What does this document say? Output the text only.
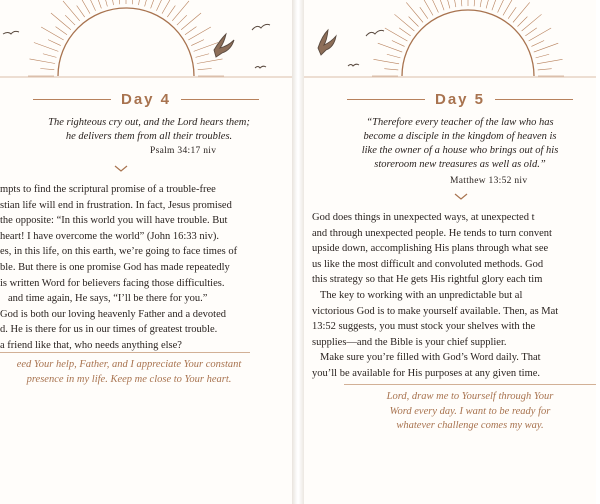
Day 4
The righteous cry out, and the Lord hears them;
he delivers them from all their troubles.
Psalm 34:17 niv

mpts to find the scriptural promise of a trouble-free

stian life will end in frustration. In fact, Jesus promised

the opposite: “In this world you will have trouble. But

heart! I have overcome the world” (John 16:33 niv).

es, in this life, on this earth, we’re going to face times of

ble. But there is one promise God has made repeatedly

is written Word for believers facing those difficulties.

and time again, He says, “I’ll be there for you.”

God is both our loving heavenly Father and a devoted

d. He is there for us in our times of greatest trouble.

a friend like that, who needs anything else?

eed Your help, Father, and I appreciate Your constant

presence in my life. Keep me close to Your heart.

Day 5
“Therefore every teacher of the law who has
become a disciple in the kingdom of heaven is
like the owner of a house who brings out of his
storeroom new treasures as well as old.”
Matthew 13:52 niv

God does things in unexpected ways, at unexpected t

and through unexpected people. He tends to turn convent

upside down, accomplishing His plans through what see

us like the most difficult and convoluted methods. God

this strategy so that He gets His rightful glory each tim

The key to working with an unpredictable but al

victorious God is to make yourself available. Then, as Mat

13:52 suggests, you must stock your shelves with the

supplies—and the Bible is your chief supplier.

Make sure you’re filled with God’s Word daily. That

you’ll be available for His purposes at any given time.

Lord, draw me to Yourself through Your

Word every day. I want to be ready for

whatever challenge comes my way.
